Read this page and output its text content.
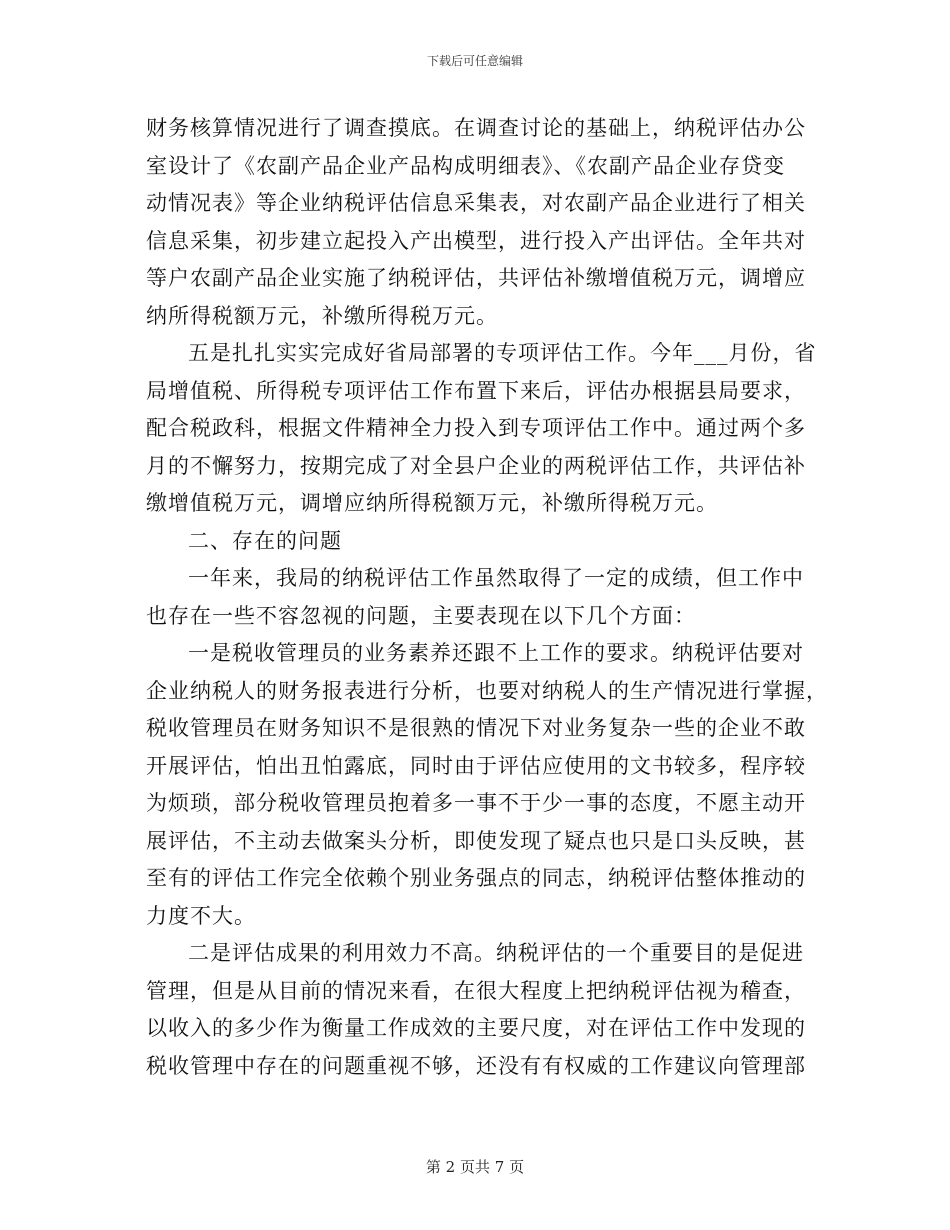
下载后可任意编辑
财务核算情况进行了调查摸底。在调查讨论的基础上，纳税评估办公
室设计了《农副产品企业产品构成明细表》、《农副产品企业存贷变
动情况表》等企业纳税评估信息采集表，对农副产品企业进行了相关
信息采集，初步建立起投入产出模型，进行投入产出评估。全年共对
等户农副产品企业实施了纳税评估，共评估补缴增值税万元，调增应
纳所得税额万元，补缴所得税万元。
五是扎扎实实完成好省局部署的专项评估工作。今年___月份，省
局增值税、所得税专项评估工作布置下来后，评估办根据县局要求，
配合税政科，根据文件精神全力投入到专项评估工作中。通过两个多
月的不懈努力，按期完成了对全县户企业的两税评估工作，共评估补
缴增值税万元，调增应纳所得税额万元，补缴所得税万元。
二、存在的问题
一年来，我局的纳税评估工作虽然取得了一定的成绩，但工作中
也存在一些不容忽视的问题，主要表现在以下几个方面：
一是税收管理员的业务素养还跟不上工作的要求。纳税评估要对
企业纳税人的财务报表进行分析，也要对纳税人的生产情况进行掌握，
税收管理员在财务知识不是很熟的情况下对业务复杂一些的企业不敢
开展评估，怕出丑怕露底，同时由于评估应使用的文书较多，程序较
为烦琐，部分税收管理员抱着多一事不于少一事的态度，不愿主动开
展评估，不主动去做案头分析，即使发现了疑点也只是口头反映，甚
至有的评估工作完全依赖个别业务强点的同志，纳税评估整体推动的
力度不大。
二是评估成果的利用效力不高。纳税评估的一个重要目的是促进
管理，但是从目前的情况来看，在很大程度上把纳税评估视为稽查，
以收入的多少作为衡量工作成效的主要尺度，对在评估工作中发现的
税收管理中存在的问题重视不够，还没有有权威的工作建议向管理部
第 2 页共 7 页
